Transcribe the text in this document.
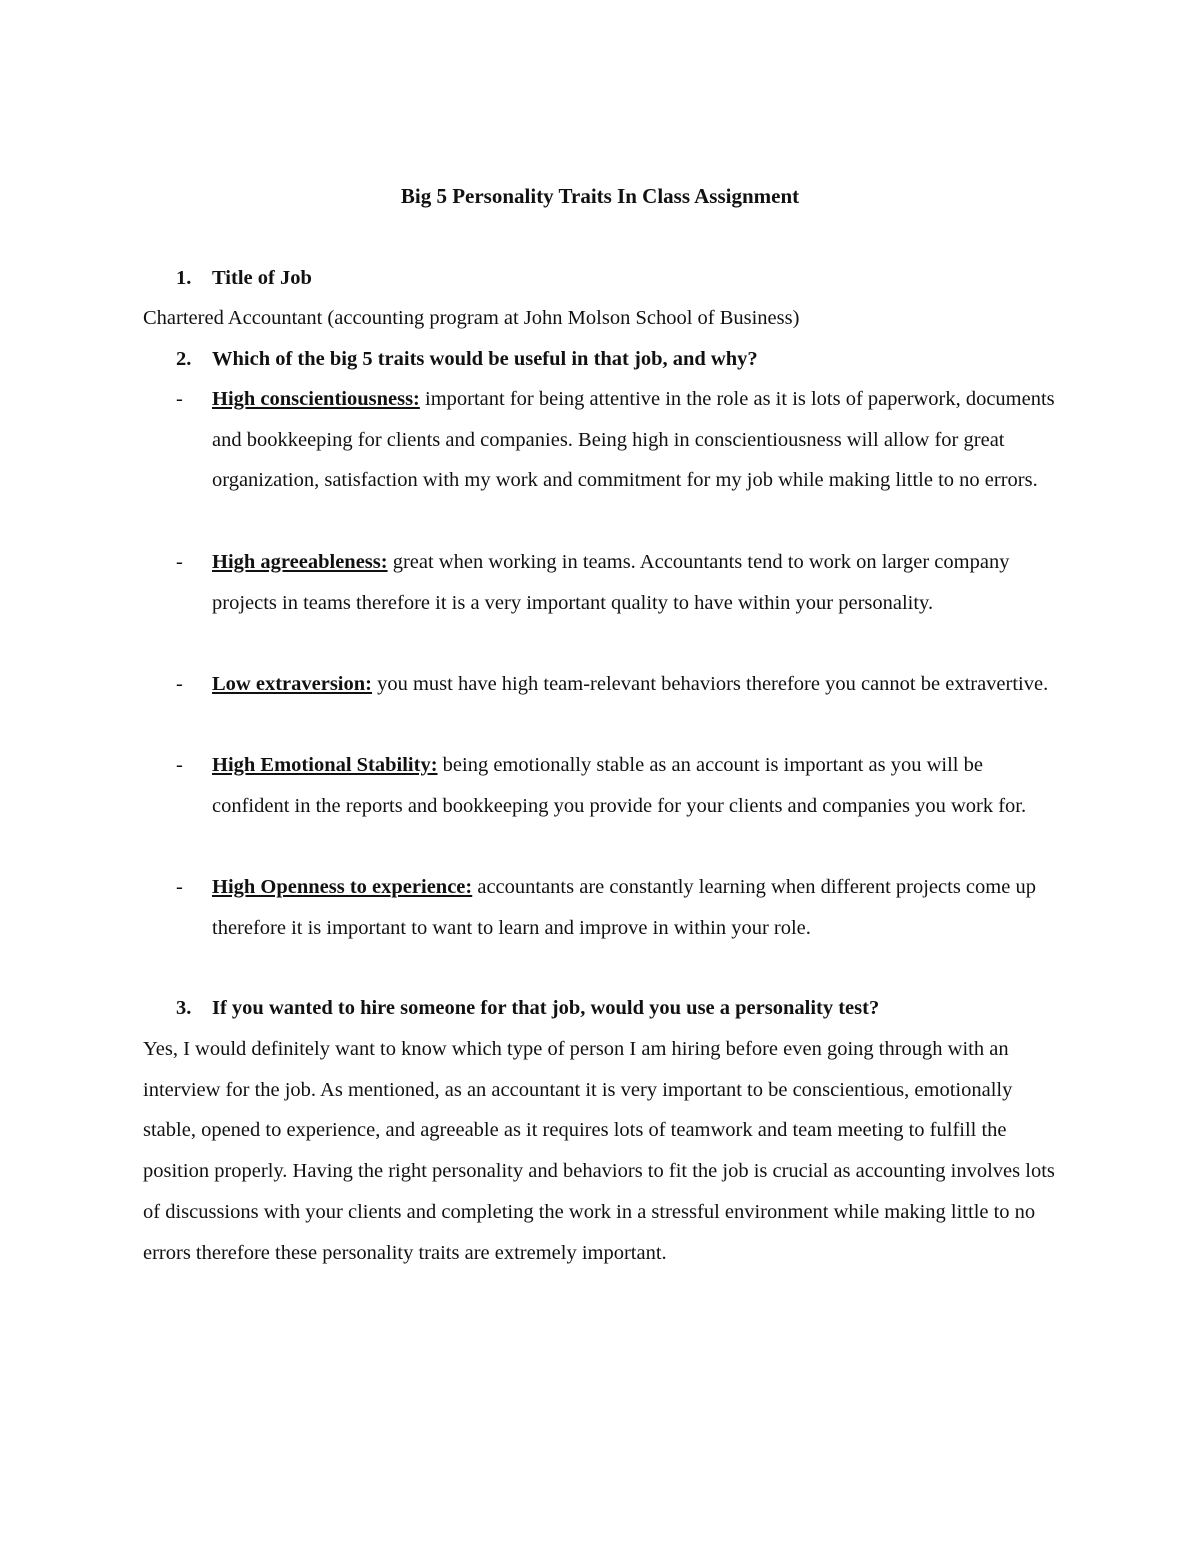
Big 5 Personality Traits In Class Assignment
1. Title of Job

Chartered Accountant (accounting program at John Molson School of Business)

2. Which of the big 5 traits would be useful in that job, and why?
- High conscientiousness: important for being attentive in the role as it is lots of paperwork, documents and bookkeeping for clients and companies. Being high in conscientiousness will allow for great organization, satisfaction with my work and commitment for my job while making little to no errors.

- High agreeableness: great when working in teams. Accountants tend to work on larger company projects in teams therefore it is a very important quality to have within your personality.

- Low extraversion: you must have high team-relevant behaviors therefore you cannot be extravertive.

- High Emotional Stability: being emotionally stable as an account is important as you will be confident in the reports and bookkeeping you provide for your clients and companies you work for.

- High Openness to experience: accountants are constantly learning when different projects come up therefore it is important to want to learn and improve in within your role.

3. If you wanted to hire someone for that job, would you use a personality test?

Yes, I would definitely want to know which type of person I am hiring before even going through with an interview for the job. As mentioned, as an accountant it is very important to be conscientious, emotionally stable, opened to experience, and agreeable as it requires lots of teamwork and team meeting to fulfill the position properly. Having the right personality and behaviors to fit the job is crucial as accounting involves lots of discussions with your clients and completing the work in a stressful environment while making little to no errors therefore these personality traits are extremely important.
